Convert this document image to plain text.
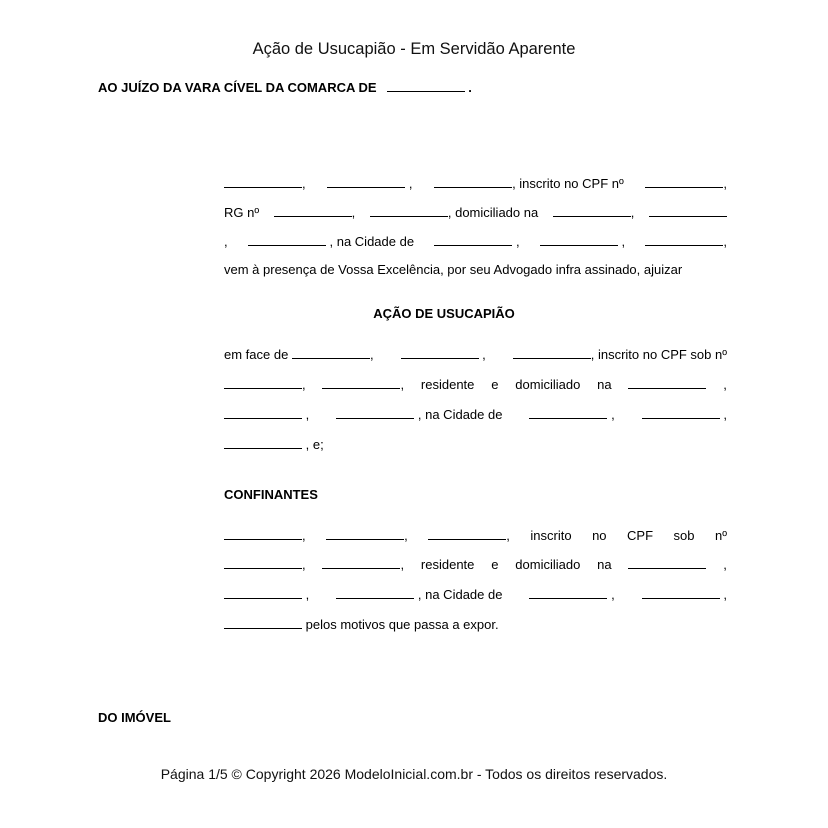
Ação de Usucapião - Em Servidão Aparente
AO JUÍZO DA VARA CÍVEL DA COMARCA DE	.
,	,	, inscrito no CPF nº	,
RG nº	,	, domiciliado na	,
,	, na Cidade de	,	,	,
vem à presença de Vossa Excelência, por seu Advogado infra assinado, ajuizar
AÇÃO DE USUCAPIÃO
em face de	,	,	, inscrito no CPF sob nº
,	, residente e domiciliado na	,
,	, na Cidade de	,	,

, e;
CONFINANTES
,	,	, inscrito no CPF sob nº
,	, residente e domiciliado na	,
,	, na Cidade de	,	,

pelos motivos que passa a expor.
DO IMÓVEL
Página 1/5 © Copyright 2026 ModeloInicial.com.br - Todos os direitos reservados.
